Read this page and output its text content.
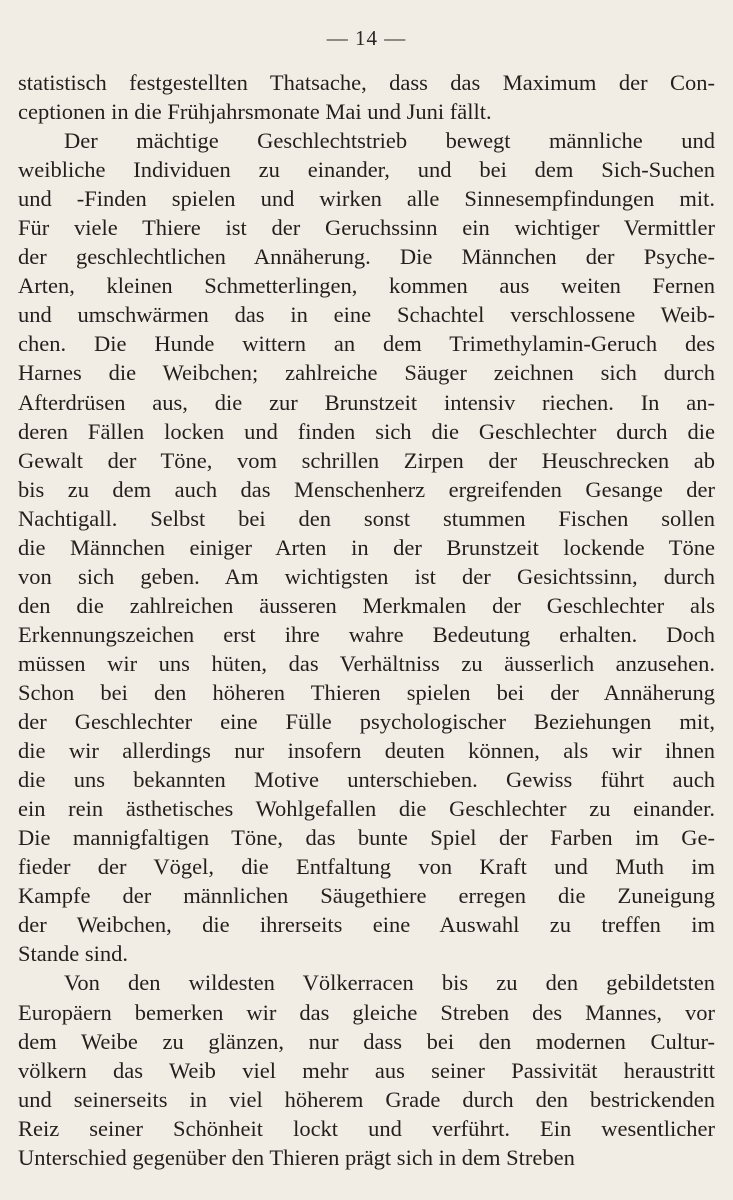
— 14 —
statistisch festgestellten Thatsache, dass das Maximum der Con-
ceptionen in die Frühjahrsmonate Mai und Juni fällt.
Der mächtige Geschlechtstrieb bewegt männliche und
weibliche Individuen zu einander, und bei dem Sich-Suchen
und -Finden spielen und wirken alle Sinnesempfindungen mit.
Für viele Thiere ist der Geruchssinn ein wichtiger Vermittler
der geschlechtlichen Annäherung. Die Männchen der Psyche-
Arten, kleinen Schmetterlingen, kommen aus weiten Fernen
und umschwärmen das in eine Schachtel verschlossene Weib-
chen. Die Hunde wittern an dem Trimethylamin-Geruch des
Harnes die Weibchen; zahlreiche Säuger zeichnen sich durch
Afterdrüsen aus, die zur Brunstzeit intensiv riechen. In an-
deren Fällen locken und finden sich die Geschlechter durch die
Gewalt der Töne, vom schrillen Zirpen der Heuschrecken ab
bis zu dem auch das Menschenherz ergreifenden Gesange der
Nachtigall. Selbst bei den sonst stummen Fischen sollen
die Männchen einiger Arten in der Brunstzeit lockende Töne
von sich geben. Am wichtigsten ist der Gesichtssinn, durch
den die zahlreichen äusseren Merkmalen der Geschlechter als
Erkennungszeichen erst ihre wahre Bedeutung erhalten. Doch
müssen wir uns hüten, das Verhältniss zu äusserlich anzusehen.
Schon bei den höheren Thieren spielen bei der Annäherung
der Geschlechter eine Fülle psychologischer Beziehungen mit,
die wir allerdings nur insofern deuten können, als wir ihnen
die uns bekannten Motive unterschieben. Gewiss führt auch
ein rein ästhetisches Wohlgefallen die Geschlechter zu einander.
Die mannigfaltigen Töne, das bunte Spiel der Farben im Ge-
fieder der Vögel, die Entfaltung von Kraft und Muth im
Kampfe der männlichen Säugethiere erregen die Zuneigung
der Weibchen, die ihrerseits eine Auswahl zu treffen im
Stande sind.
Von den wildesten Völkerracen bis zu den gebildetsten
Europäern bemerken wir das gleiche Streben des Mannes, vor
dem Weibe zu glänzen, nur dass bei den modernen Cultur-
völkern das Weib viel mehr aus seiner Passivität heraustritt
und seinerseits in viel höherem Grade durch den bestrickenden
Reiz seiner Schönheit lockt und verführt. Ein wesentlicher
Unterschied gegenüber den Thieren prägt sich in dem Streben
